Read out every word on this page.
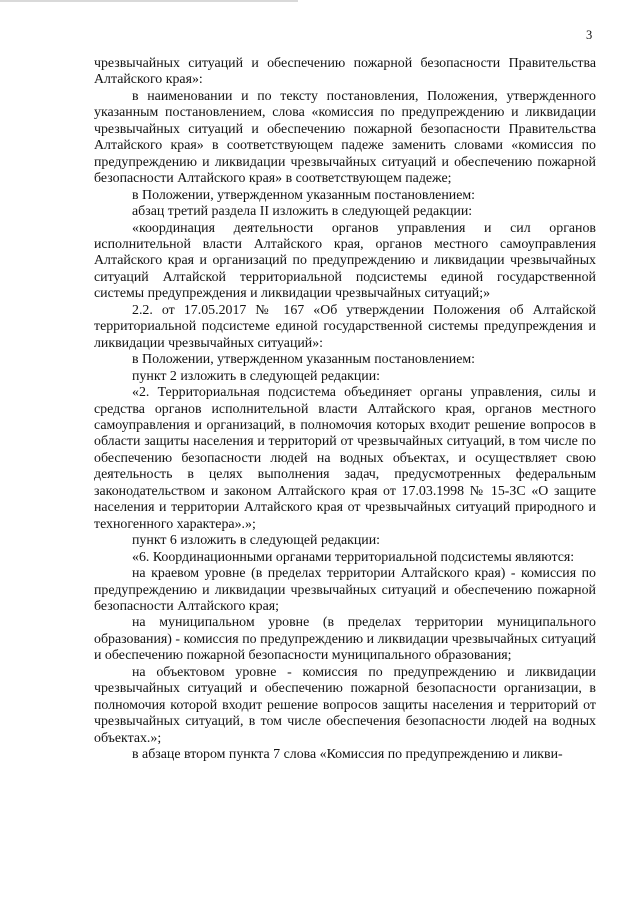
3

чрезвычайных ситуаций и обеспечению пожарной безопасности Правительства Алтайского края»:

в наименовании и по тексту постановления, Положения, утвержденного указанным постановлением, слова «комиссия по предупреждению и ликвидации чрезвычайных ситуаций и обеспечению пожарной безопасности Правительства Алтайского края» в соответствующем падеже заменить словами «комиссия по предупреждению и ликвидации чрезвычайных ситуаций и обеспечению пожарной безопасности Алтайского края» в соответствующем падеже;

в Положении, утвержденном указанным постановлением:

абзац третий раздела II изложить в следующей редакции:

«координация деятельности органов управления и сил органов исполнительной власти Алтайского края, органов местного самоуправления Алтайского края и организаций по предупреждению и ликвидации чрезвычайных ситуаций Алтайской территориальной подсистемы единой государственной системы предупреждения и ликвидации чрезвычайных ситуаций;»

2.2. от 17.05.2017 № 167 «Об утверждении Положения об Алтайской территориальной подсистеме единой государственной системы предупреждения и ликвидации чрезвычайных ситуаций»:

в Положении, утвержденном указанным постановлением:

пункт 2 изложить в следующей редакции:

«2. Территориальная подсистема объединяет органы управления, силы и средства органов исполнительной власти Алтайского края, органов местного самоуправления и организаций, в полномочия которых входит решение вопросов в области защиты населения и территорий от чрезвычайных ситуаций, в том числе по обеспечению безопасности людей на водных объектах, и осуществляет свою деятельность в целях выполнения задач, предусмотренных федеральным законодательством и законом Алтайского края от 17.03.1998 № 15-ЗС «О защите населения и территории Алтайского края от чрезвычайных ситуаций природного и техногенного характера».»;

пункт 6 изложить в следующей редакции:

«6. Координационными органами территориальной подсистемы являются:

на краевом уровне (в пределах территории Алтайского края) - комиссия по предупреждению и ликвидации чрезвычайных ситуаций и обеспечению пожарной безопасности Алтайского края;

на муниципальном уровне (в пределах территории муниципального образования) - комиссия по предупреждению и ликвидации чрезвычайных ситуаций и обеспечению пожарной безопасности муниципального образования;

на объектовом уровне - комиссия по предупреждению и ликвидации чрезвычайных ситуаций и обеспечению пожарной безопасности организации, в полномочия которой входит решение вопросов защиты населения и территорий от чрезвычайных ситуаций, в том числе обеспечения безопасности людей на водных объектах.»;

в абзаце втором пункта 7 слова «Комиссия по предупреждению и ликви-
